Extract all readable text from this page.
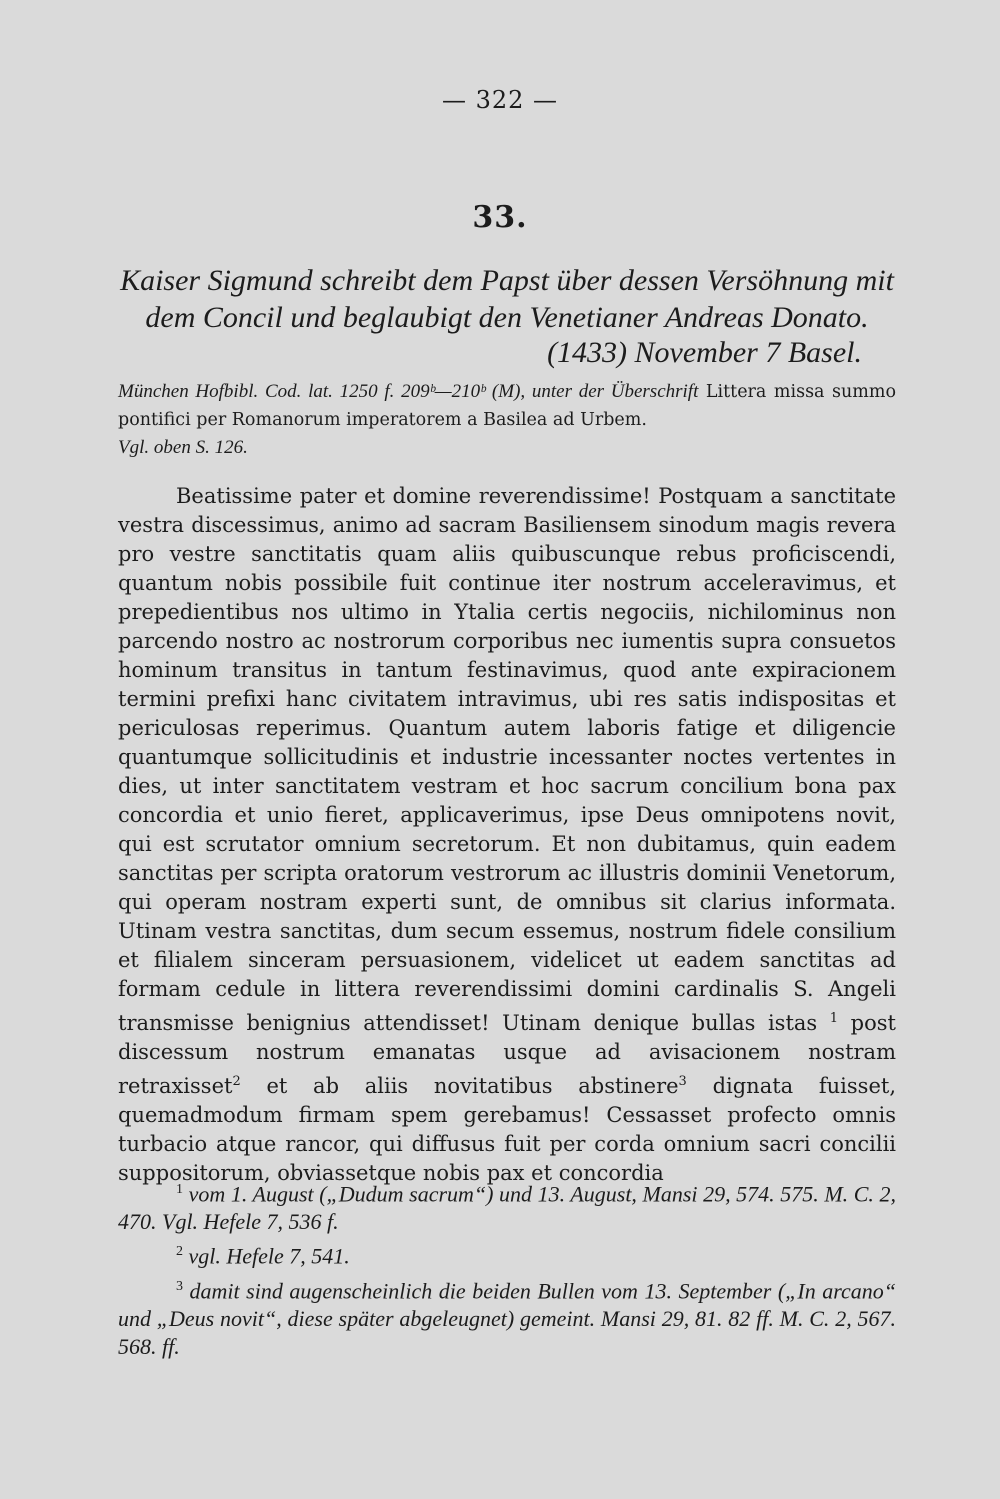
— 322 —
33.
Kaiser Sigmund schreibt dem Papst über dessen Versöhnung mit dem Concil und beglaubigt den Venetianer Andreas Donato.
(1433) November 7 Basel.
München Hofbibl. Cod. lat. 1250 f. 209ᵇ—210ᵇ (M), unter der Überschrift Littera missa summo pontifici per Romanorum imperatorem a Basilea ad Urbem.
Vgl. oben S. 126.

Beatissime pater et domine reverendissime! Postquam a sanctitate vestra discessimus, animo ad sacram Basiliensem sinodum magis revera pro vestre sanctitatis quam aliis quibuscunque rebus proficiscendi, quantum nobis possibile fuit continue iter nostrum acceleravimus, et prepedientibus nos ultimo in Ytalia certis negociis, nichilominus non parcendo nostro ac nostrorum corporibus nec iumentis supra consuetos hominum transitus in tantum festinavimus, quod ante expiracionem termini prefixi hanc civitatem intravimus, ubi res satis indispositas et periculosas reperimus. Quantum autem laboris fatige et diligencie quantumque sollicitudinis et industrie incessanter noctes vertentes in dies, ut inter sanctitatem vestram et hoc sacrum concilium bona pax concordia et unio fieret, applicaverimus, ipse Deus omnipotens novit, qui est scrutator omnium secretorum. Et non dubitamus, quin eadem sanctitas per scripta oratorum vestrorum ac illustris dominii Venetorum, qui operam nostram experti sunt, de omnibus sit clarius informata. Utinam vestra sanctitas, dum secum essemus, nostrum fidele consilium et filialem sinceram persuasionem, videlicet ut eadem sanctitas ad formam cedule in littera reverendissimi domini cardinalis S. Angeli transmisse benignius attendisset! Utinam denique bullas istas $^1$ post discessum nostrum emanatas usque ad avisacionem nostram retraxisset$^2$ et ab aliis novitatibus abstinere$^3$ dignata fuisset, quemadmodum firmam spem gerebamus! Cessasset profecto omnis turbacio atque rancor, qui diffusus fuit per corda omnium sacri concilii suppositorum, obviassetque nobis pax et concordia

$^1$ vom 1. August („Dudum sacrum“) und 13. August, Mansi 29, 574. 575. M. C. 2, 470. Vgl. Hefele 7, 536 f.

$^2$ vgl. Hefele 7, 541.

$^3$ damit sind augenscheinlich die beiden Bullen vom 13. September („In arcano“ und „Deus novit“, diese später abgeleugnet) gemeint. Mansi 29, 81. 82 ff. M. C. 2, 567. 568. ff.
